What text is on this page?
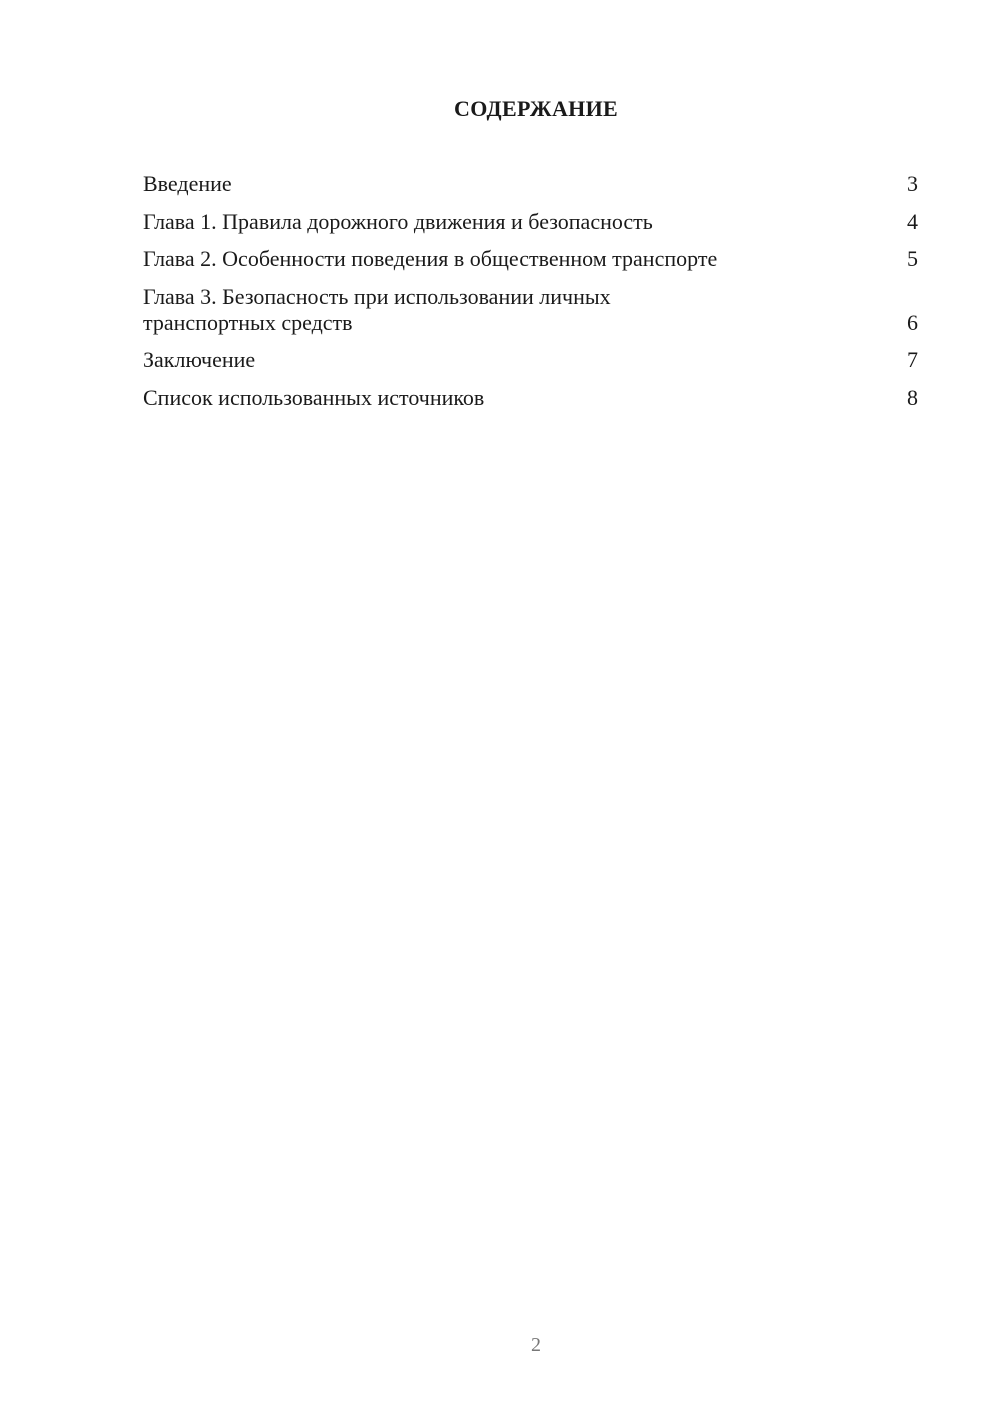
СОДЕРЖАНИЕ
Введение	3
Глава 1. Правила дорожного движения и безопасность	4
Глава 2. Особенности поведения в общественном транспорте	5
Глава 3. Безопасность при использовании личных транспортных средств	6
Заключение	7
Список использованных источников	8
2
